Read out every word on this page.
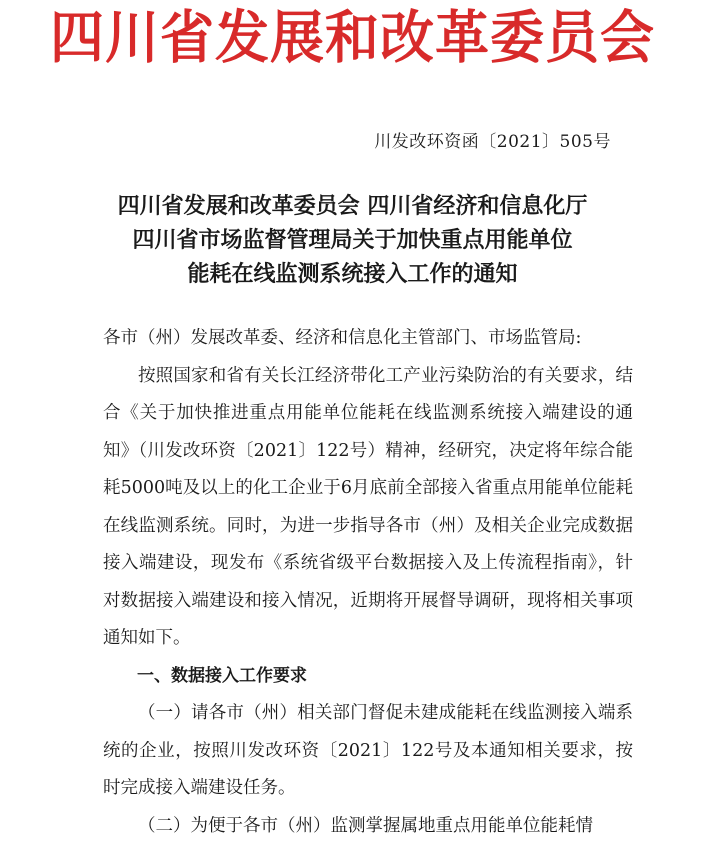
四川省发展和改革委员会
川发改环资函〔2021〕505号
四川省发展和改革委员会 四川省经济和信息化厅
四川省市场监督管理局关于加快重点用能单位
能耗在线监测系统接入工作的通知

各市（州）发展改革委、经济和信息化主管部门、市场监管局:

按照国家和省有关长江经济带化工产业污染防治的有关要求，结合《关于加快推进重点用能单位能耗在线监测系统接入端建设的通知》（川发改环资〔2021〕122号）精神，经研究，决定将年综合能耗5000吨及以上的化工企业于6月底前全部接入省重点用能单位能耗在线监测系统。同时，为进一步指导各市（州）及相关企业完成数据接入端建设，现发布《系统省级平台数据接入及上传流程指南》，针对数据接入端建设和接入情况，近期将开展督导调研，现将相关事项通知如下。

一、数据接入工作要求

（一）请各市（州）相关部门督促未建成能耗在线监测接入端系统的企业，按照川发改环资〔2021〕122号及本通知相关要求，按时完成接入端建设任务。

（二）为便于各市（州）监测掌握属地重点用能单位能耗情
